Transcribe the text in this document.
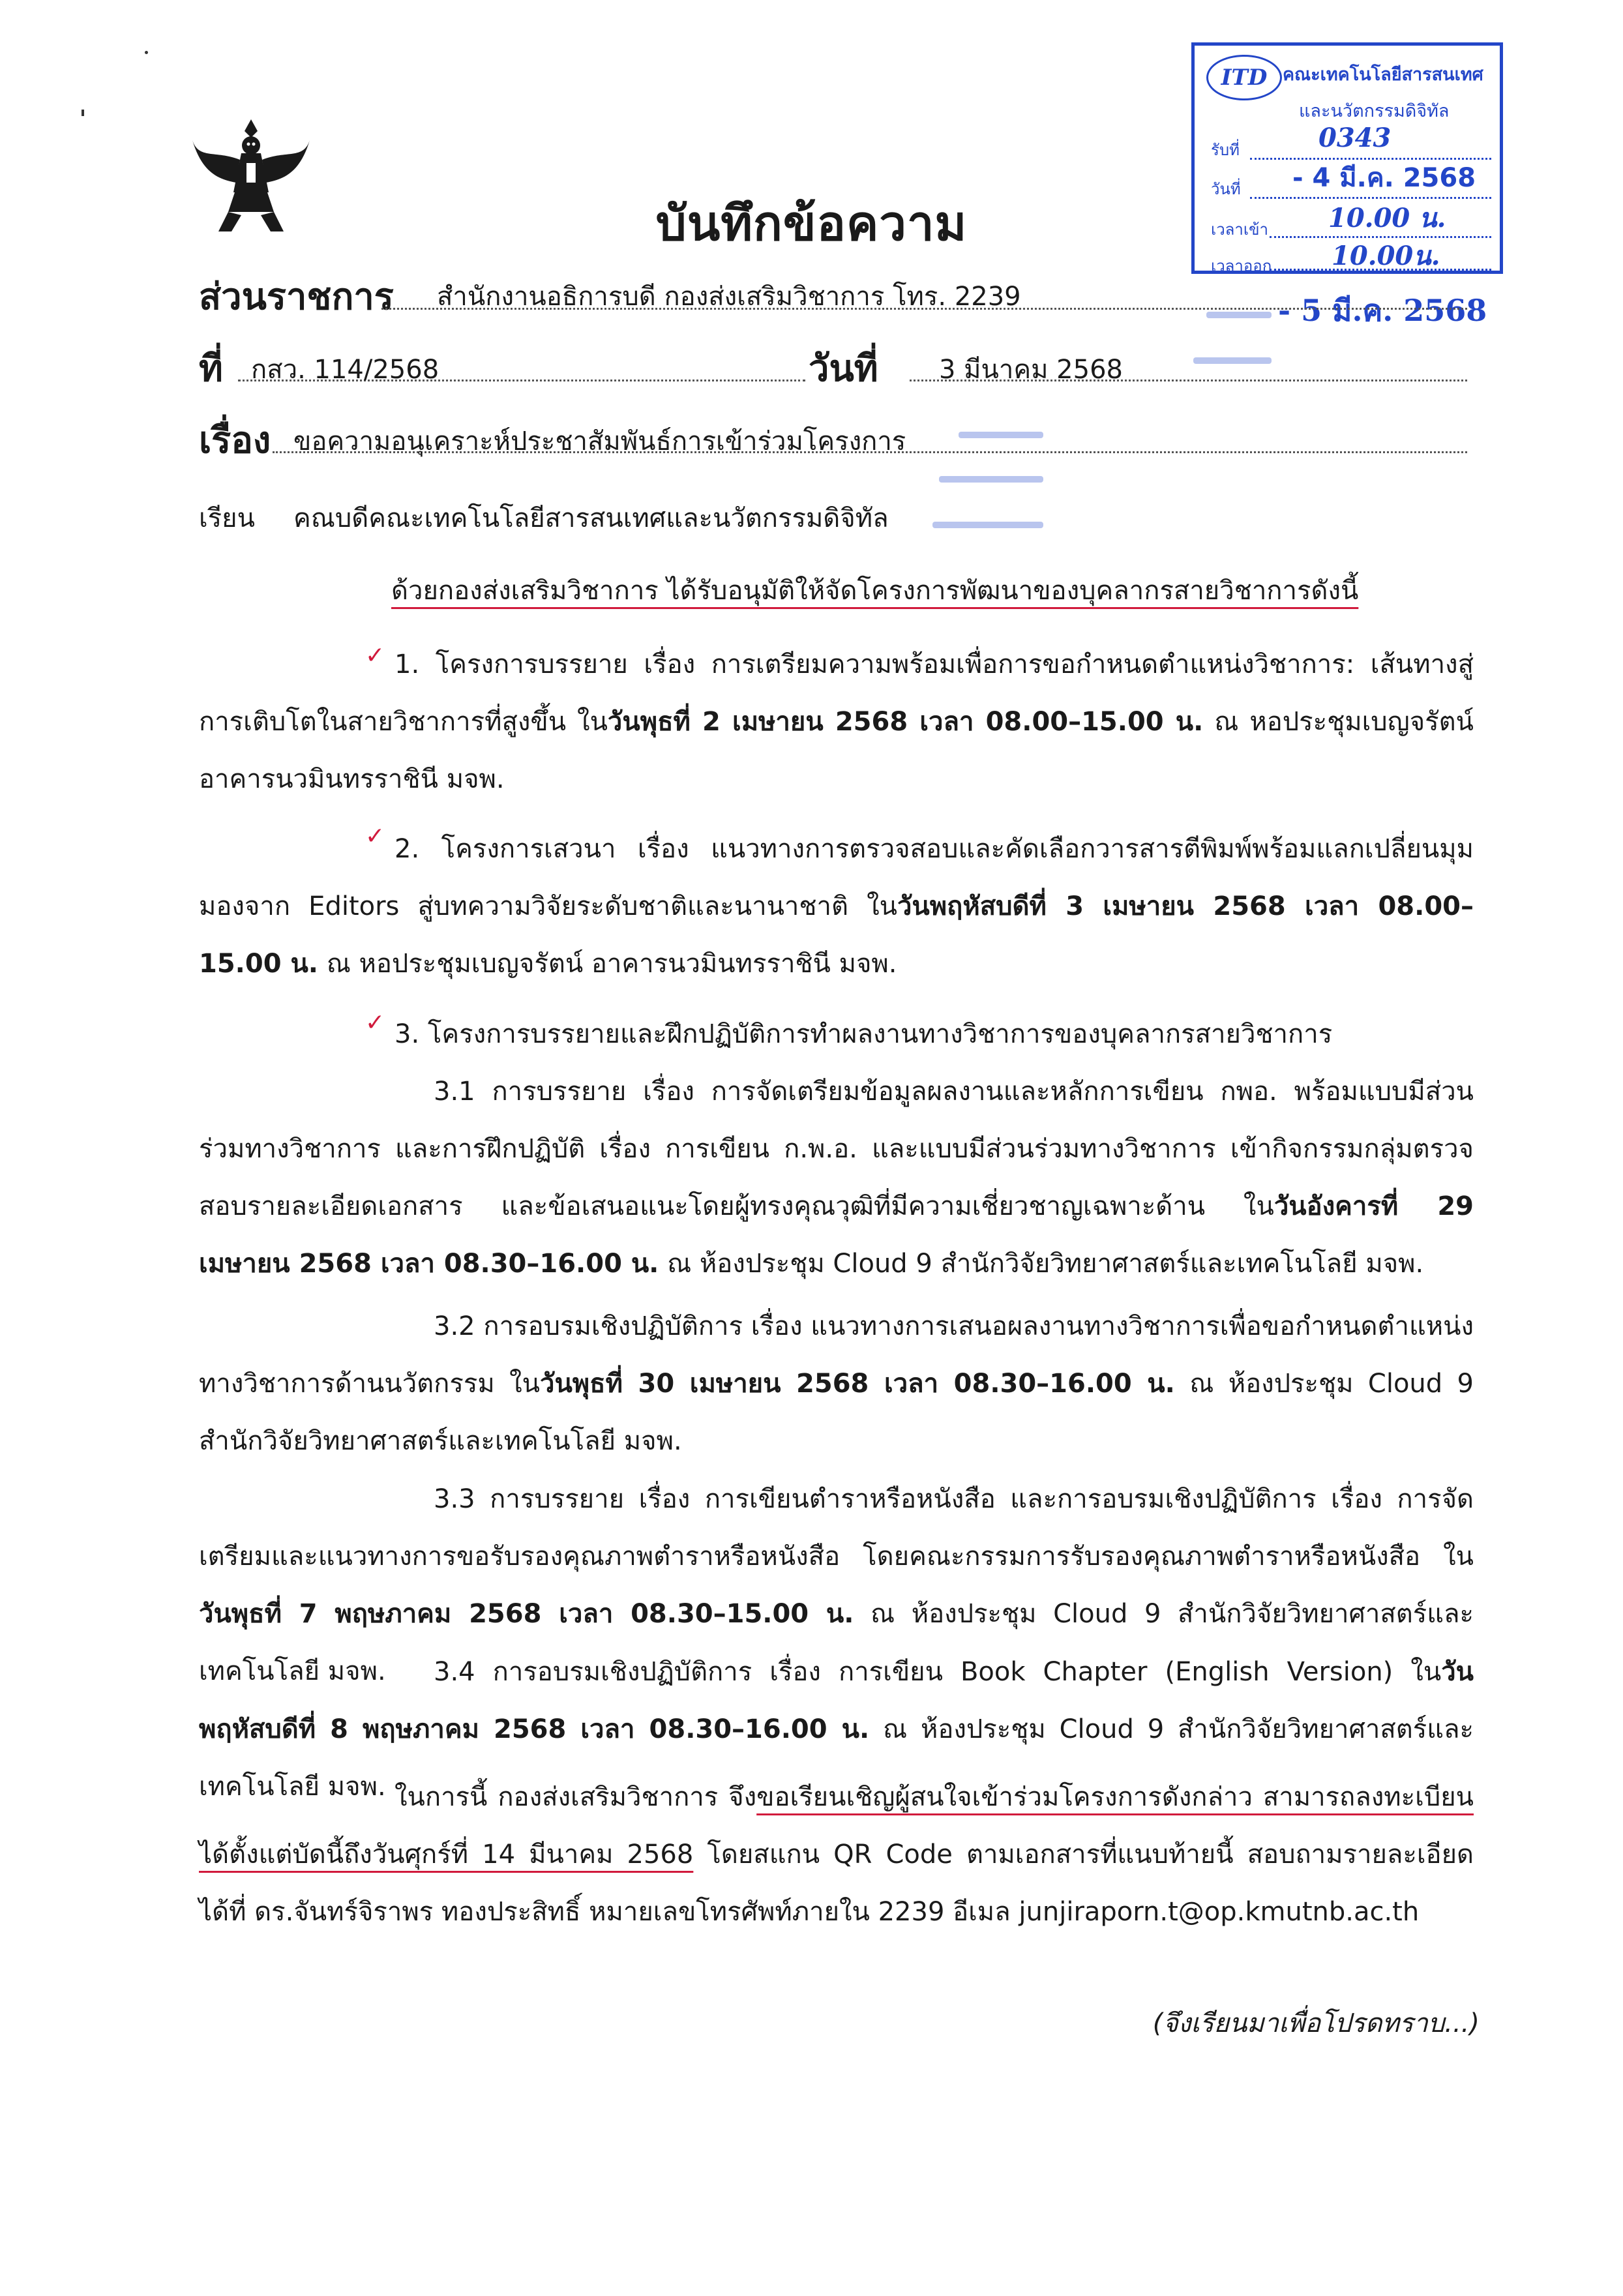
บันทึกข้อความ
ITD คณะเทคโนโลยีสารสนเทศ
และนวัตกรรมดิจิทัล
รับที่	0343
วันที่ - 4 มี.ค. 2568
เวลาเข้า 10.00 น.
เวลาออก 10.00น.
- 5 มี.ค. 2568
ส่วนราชการ สำนักงานอธิการบดี กองส่งเสริมวิชาการ โทร. 2239
ที่ กสว. 114/2568	วันที่ 3 มีนาคม 2568
เรื่อง ขอความอนุเคราะห์ประชาสัมพันธ์การเข้าร่วมโครงการ
เรียน คณบดีคณะเทคโนโลยีสารสนเทศและนวัตกรรมดิจิทัล
ด้วยกองส่งเสริมวิชาการ ได้รับอนุมัติให้จัดโครงการพัฒนาของบุคลากรสายวิชาการดังนี้
✓ 1. โครงการบรรยาย เรื่อง การเตรียมความพร้อมเพื่อการขอกำหนดตำแหน่งวิชาการ: เส้นทางสู่การเติบโตในสายวิชาการที่สูงขึ้น ในวันพุธที่ 2 เมษายน 2568 เวลา 08.00–15.00 น. ณ หอประชุมเบญจรัตน์ อาคารนวมินทรราชินี มจพ.
✓ 2. โครงการเสวนา เรื่อง แนวทางการตรวจสอบและคัดเลือกวารสารตีพิมพ์พร้อมแลกเปลี่ยนมุมมองจาก Editors สู่บทความวิจัยระดับชาติและนานาชาติ ในวันพฤหัสบดีที่ 3 เมษายน 2568 เวลา 08.00–15.00 น. ณ หอประชุมเบญจรัตน์ อาคารนวมินทรราชินี มจพ.
✓ 3. โครงการบรรยายและฝึกปฏิบัติการทำผลงานทางวิชาการของบุคลากรสายวิชาการ
3.1 การบรรยาย เรื่อง การจัดเตรียมข้อมูลผลงานและหลักการเขียน กพอ. พร้อมแบบมีส่วนร่วมทางวิชาการ และการฝึกปฏิบัติ เรื่อง การเขียน ก.พ.อ. และแบบมีส่วนร่วมทางวิชาการ เข้ากิจกรรมกลุ่มตรวจสอบรายละเอียดเอกสาร และข้อเสนอแนะโดยผู้ทรงคุณวุฒิที่มีความเชี่ยวชาญเฉพาะด้าน ในวันอังคารที่ 29 เมษายน 2568 เวลา 08.30–16.00 น. ณ ห้องประชุม Cloud 9 สำนักวิจัยวิทยาศาสตร์และเทคโนโลยี มจพ.
3.2 การอบรมเชิงปฏิบัติการ เรื่อง แนวทางการเสนอผลงานทางวิชาการเพื่อขอกำหนดตำแหน่งทางวิชาการด้านนวัตกรรม ในวันพุธที่ 30 เมษายน 2568 เวลา 08.30–16.00 น. ณ ห้องประชุม Cloud 9 สำนักวิจัยวิทยาศาสตร์และเทคโนโลยี มจพ.
3.3 การบรรยาย เรื่อง การเขียนตำราหรือหนังสือ และการอบรมเชิงปฏิบัติการ เรื่อง การจัดเตรียมและแนวทางการขอรับรองคุณภาพตำราหรือหนังสือ โดยคณะกรรมการรับรองคุณภาพตำราหรือหนังสือ ในวันพุธที่ 7 พฤษภาคม 2568 เวลา 08.30–15.00 น. ณ ห้องประชุม Cloud 9 สำนักวิจัยวิทยาศาสตร์และเทคโนโลยี มจพ.	3.4 การอบรมเชิงปฏิบัติการ เรื่อง การเขียน Book Chapter (English Version) ในวันพฤหัสบดีที่ 8 พฤษภาคม 2568 เวลา 08.30–16.00 น. ณ ห้องประชุม Cloud 9 สำนักวิจัยวิทยาศาสตร์และเทคโนโลยี มจพ. ในการนี้ กองส่งเสริมวิชาการ จึงขอเรียนเชิญผู้สนใจเข้าร่วมโครงการดังกล่าว สามารถลงทะเบียนได้ตั้งแต่บัดนี้ถึงวันศุกร์ที่ 14 มีนาคม 2568 โดยสแกน QR Code ตามเอกสารที่แนบท้ายนี้ สอบถามรายละเอียดได้ที่ ดร.จันทร์จิราพร ทองประสิทธิ์ หมายเลขโทรศัพท์ภายใน 2239 อีเมล junjiraporn.t@op.kmutnb.ac.th
(จึงเรียนมาเพื่อโปรดทราบ...)
